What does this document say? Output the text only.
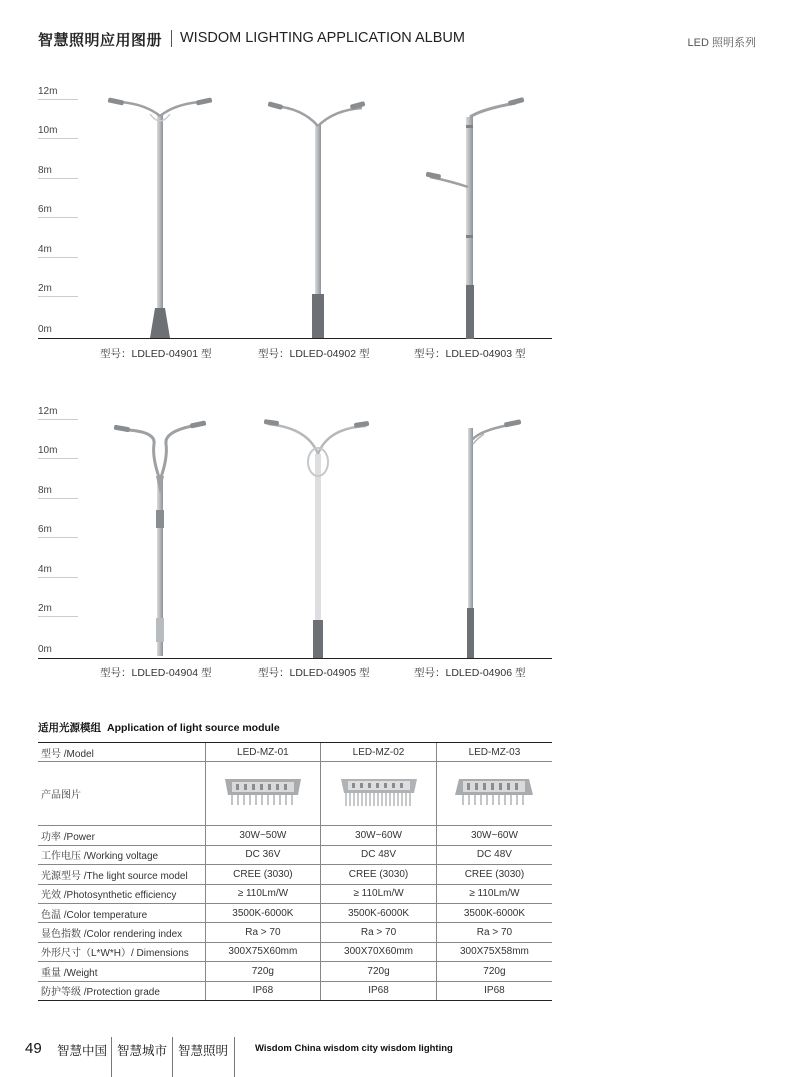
智慧照明应用图册 WISDOM LIGHTING APPLICATION ALBUM	LED 照明系列
12m
10m
8m
6m
4m
2m
0m
型号：LDLED-04901 型	型号：LDLED-04902 型	型号：LDLED-04903 型
12m
10m
8m
6m
4m
2m
0m
型号：LDLED-04904 型	型号：LDLED-04905 型	型号：LDLED-04906 型
适用光源模组 Application of light source module
型号 /Model	LED-MZ-01	LED-MZ-02	LED-MZ-03
产品图片			
功率 /Power	30W~50W	30W~60W	30W~60W
工作电压 /Working voltage	DC 36V	DC 48V	DC 48V
光源型号 /The light source model	CREE (3030)	CREE (3030)	CREE (3030)
光效 /Photosynthetic efficiency	≥ 110Lm/W	≥ 110Lm/W	≥ 110Lm/W
色温 /Color temperature	3500K-6000K	3500K-6000K	3500K-6000K
显色指数 /Color rendering index	Ra > 70	Ra > 70	Ra > 70
外形尺寸（L*W*H）/ Dimensions	300X75X60mm	300X70X60mm	300X75X58mm
重量 /Weight	720g	720g	720g
防护等级 /Protection grade	IP68	IP68	IP68
49 智慧中国 智慧城市 智慧照明	Wisdom China wisdom city wisdom lighting
